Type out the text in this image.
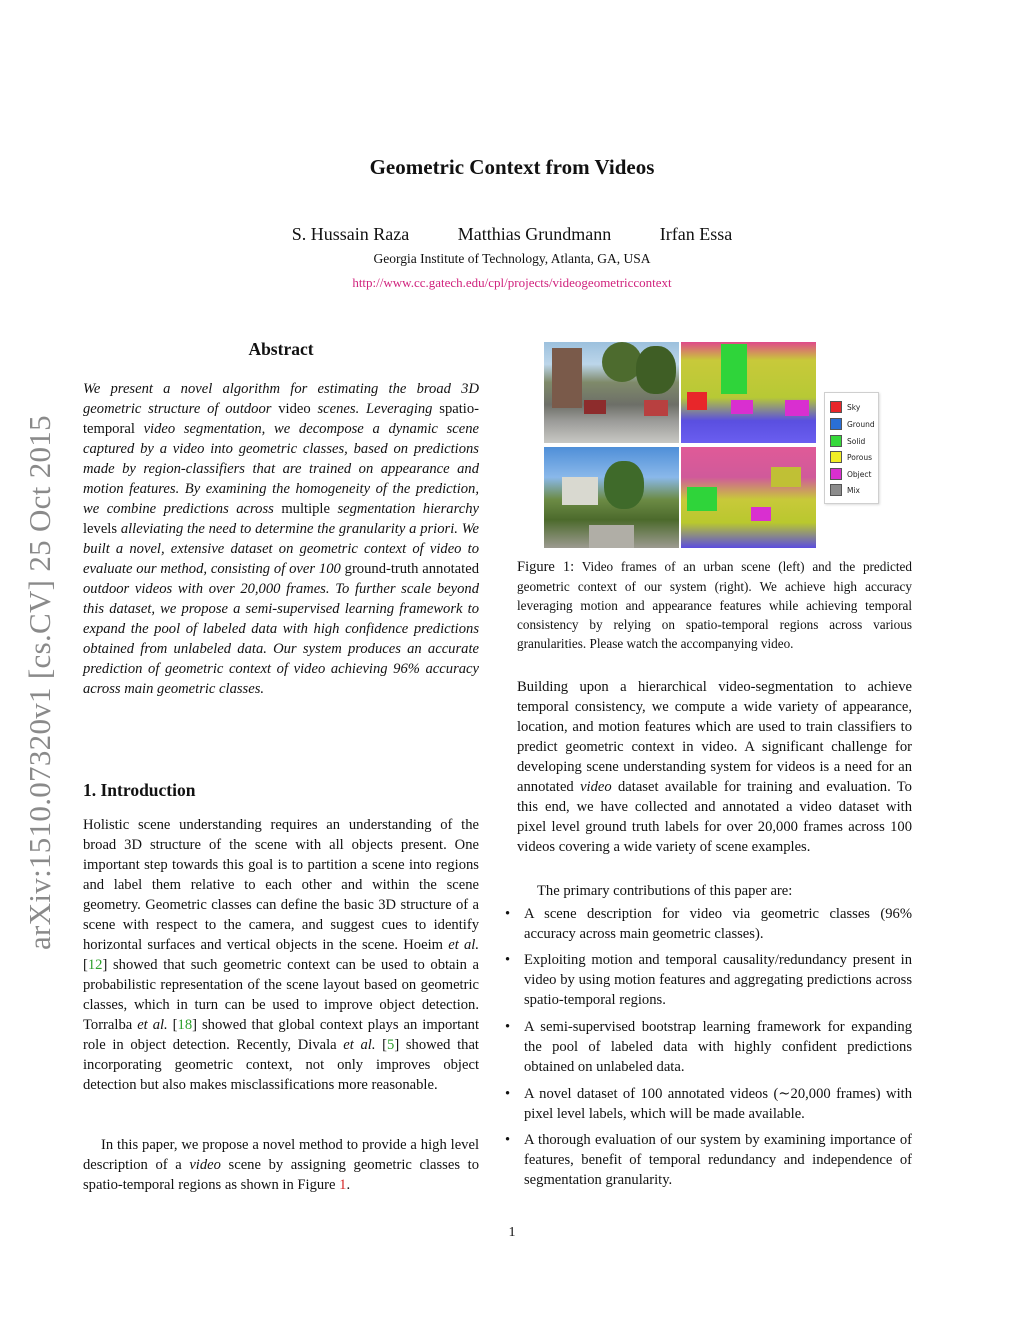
Geometric Context from Videos
S. Hussain Raza	Matthias Grundmann	Irfan Essa
Georgia Institute of Technology, Atlanta, GA, USA
http://www.cc.gatech.edu/cpl/projects/videogeometriccontext
arXiv:1510.07320v1 [cs.CV] 25 Oct 2015
Abstract

We present a novel algorithm for estimating the broad 3D geometric structure of outdoor video scenes. Leveraging spatio-temporal video segmentation, we decompose a dynamic scene captured by a video into geometric classes, based on predictions made by region-classifiers that are trained on appearance and motion features. By examining the homogeneity of the prediction, we combine predictions across multiple segmentation hierarchy levels alleviating the need to determine the granularity a priori. We built a novel, extensive dataset on geometric context of video to evaluate our method, consisting of over 100 ground-truth annotated outdoor videos with over 20,000 frames. To further scale beyond this dataset, we propose a semi-supervised learning framework to expand the pool of labeled data with high confidence predictions obtained from unlabeled data. Our system produces an accurate prediction of geometric context of video achieving 96% accuracy across main geometric classes.

1. Introduction

Holistic scene understanding requires an understanding of the broad 3D structure of the scene with all objects present. One important step towards this goal is to partition a scene into regions and label them relative to each other and within the scene geometry. Geometric classes can define the basic 3D structure of a scene with respect to the camera, and suggest cues to identify horizontal surfaces and vertical objects in the scene. Hoeim et al. [12] showed that such geometric context can be used to obtain a probabilistic representation of the scene layout based on geometric classes, which in turn can be used to improve object detection. Torralba et al. [18] showed that global context plays an important role in object detection. Recently, Divala et al. [5] showed that incorporating geometric context, not only improves object detection but also makes misclassifications more reasonable.

In this paper, we propose a novel method to provide a high level description of a video scene by assigning geometric classes to spatio-temporal regions as shown in Figure 1.

Sky
Ground
Solid
Porous
Object
Mix
Figure 1: Video frames of an urban scene (left) and the predicted geometric context of our system (right). We achieve high accuracy leveraging motion and appearance features while achieving temporal consistency by relying on spatio-temporal regions across various granularities. Please watch the accompanying video.

Building upon a hierarchical video-segmentation to achieve temporal consistency, we compute a wide variety of appearance, location, and motion features which are used to train classifiers to predict geometric context in video. A significant challenge for developing scene understanding system for videos is a need for an annotated video dataset available for training and evaluation. To this end, we have collected and annotated a video dataset with pixel level ground truth labels for over 20,000 frames across 100 videos covering a wide variety of scene examples.

The primary contributions of this paper are:

• A scene description for video via geometric classes (96% accuracy across main geometric classes).
• Exploiting motion and temporal causality/redundancy present in video by using motion features and aggregating predictions across spatio-temporal regions.
• A semi-supervised bootstrap learning framework for expanding the pool of labeled data with highly confident predictions obtained on unlabeled data.
• A novel dataset of 100 annotated videos (∼20,000 frames) with pixel level labels, which will be made available.
• A thorough evaluation of our system by examining importance of features, benefit of temporal redundancy and independence of segmentation granularity.
1
